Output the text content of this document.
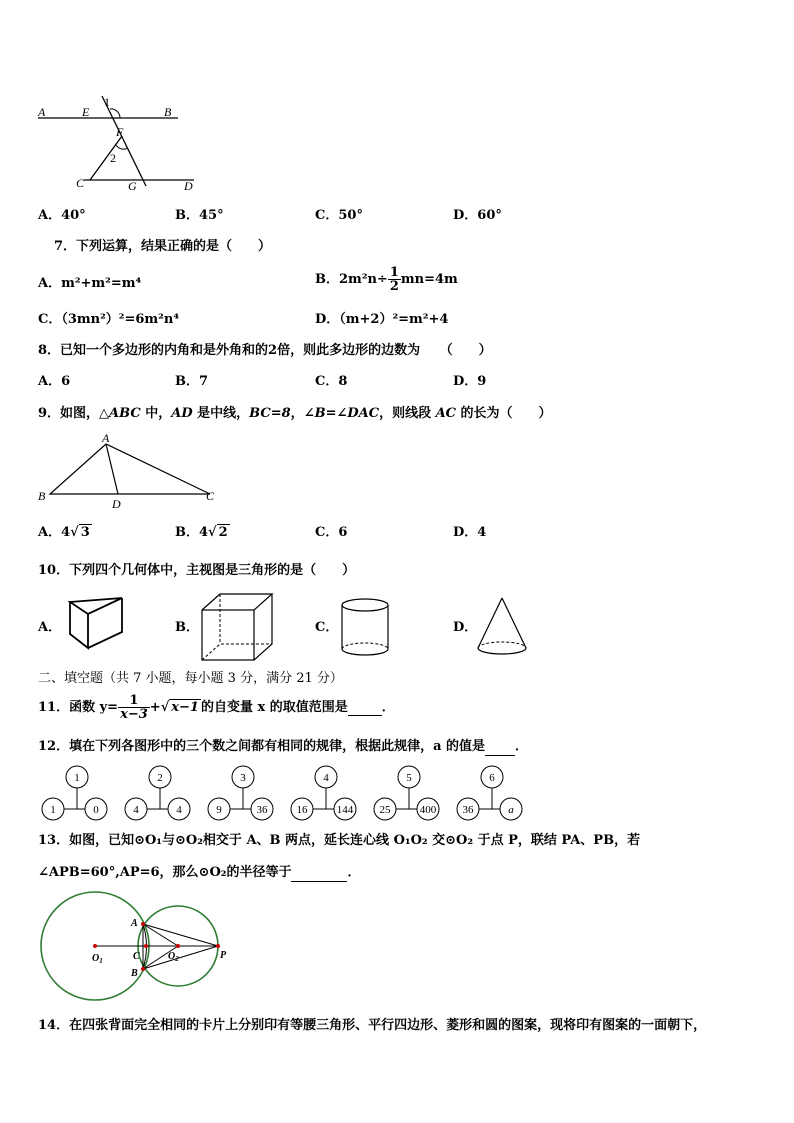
A	E
1
B
F
2
C	G	D
A．40°	B．45°	C．50°	D．60°
7．下列运算，结果正确的是（　　）
A．m²+m²=m⁴	B．$2m^2n\div \frac{1}{2} mn=4m$
C．（3mn²）²=6m²n⁴	D．（m+2）²=m²+4
8．已知一个多边形的内角和是外角和的2倍，则此多边形的边数为　　（　　）
A．6	B．7	C．8	D．9
9．如图，△ABC 中，AD 是中线，BC=8，∠B=∠DAC，则线段 AC 的长为（　　）
A
B
D
C
A．4√ 3	B．4√ 2	C．6	D．4
10．下列四个几何体中，主视图是三角形的是（　　）
A．	B．	C．	D．
二、填空题（共 7 小题，每小题 3 分，满分 21 分）
11．函数 $y= \frac{1}{x-3}$ +√ x−1 的自变量 x 的取值范围是	．
12．填在下列各图形中的三个数之间都有相同的规律，根据此规律，a 的值是 ．
1
1	0
2
4	4
3
9	36
4
16	144
5
25	400
6
36	a
13．如图，已知⊙O₁与⊙O₂相交于 A、B 两点，延长连心线 O₁O₂ 交⊙O₂ 于点 P，联结 PA、PB，若
∠APB=60°,AP=6，那么⊙O₂的半径等于	．
A
B
C
$O_1$	$O_2$	P
14．在四张背面完全相同的卡片上分别印有等腰三角形、平行四边形、菱形和圆的图案，现将印有图案的一面朝下，
